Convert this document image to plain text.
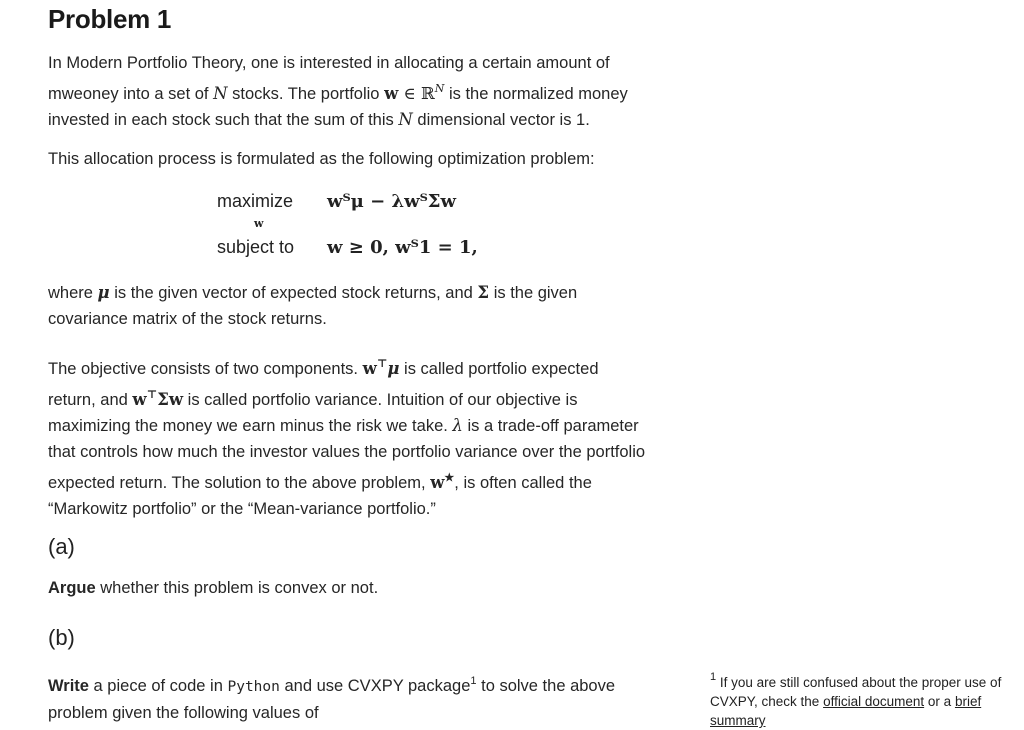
Problem 1

In Modern Portfolio Theory, one is interested in allocating a certain amount of
mweoney into a set of N stocks. The portfolio w ∈ ℝ$^N$ is the normalized money
invested in each stock such that the sum of this N dimensional vector is 1.

This allocation process is formulated as the following optimization problem:

maximize wᵀμ − λwᵀΣw
w
subject to w ≥ 0, wᵀ1 = 1,

where μ is the given vector of expected stock returns, and Σ is the given
covariance matrix of the stock returns.

The objective consists of two components. w⊤μ is called portfolio expected
return, and w⊤Σw is called portfolio variance. Intuition of our objective is
maximizing the money we earn minus the risk we take. λ is a trade-off parameter
that controls how much the investor values the portfolio variance over the portfolio
expected return. The solution to the above problem, w★, is often called the
“Markowitz portfolio” or the “Mean-variance portfolio.”

(a)

Argue whether this problem is convex or not.

(b)

Write a piece of code in Python and use CVXPY package$^1$ to solve the above
problem given the following values of

$^1$ If you are still confused about the proper use of
CVXPY, check the official document or a brief
summary
